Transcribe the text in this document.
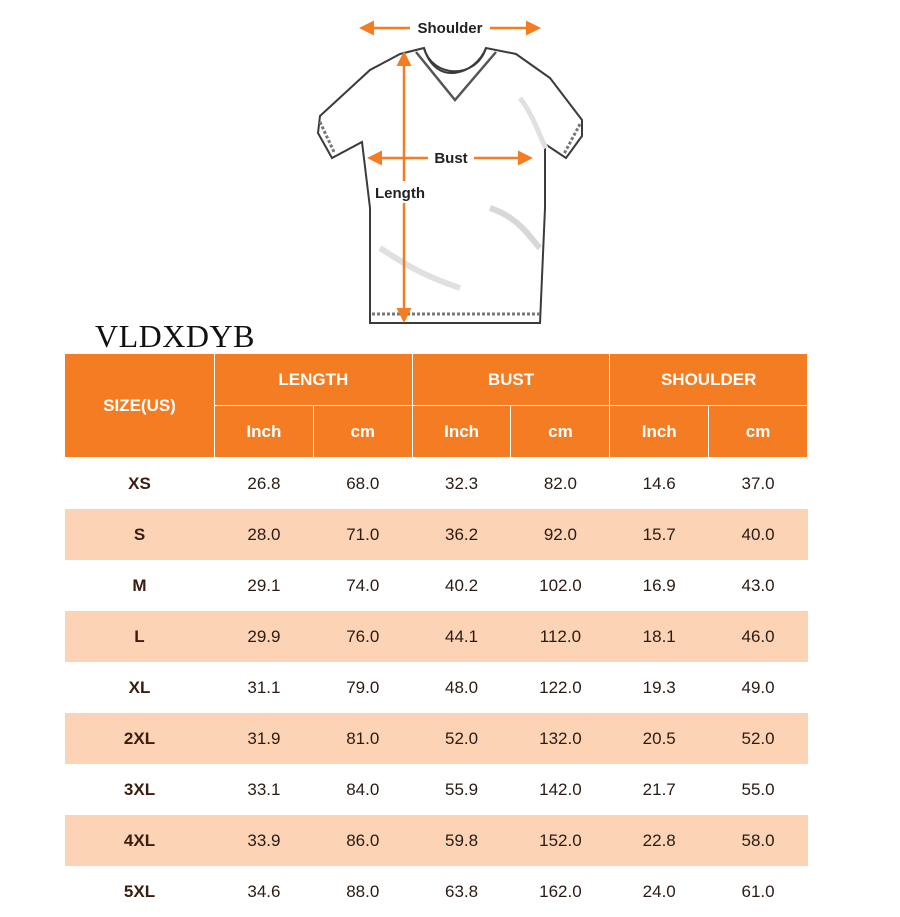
Shoulder
Bust
Length
VLDXDYB
SIZE(US)	LENGTH		BUST		SHOULDER	
	Inch	cm	Inch	cm	Inch	cm
XS	26.8	68.0	32.3	82.0	14.6	37.0
S	28.0	71.0	36.2	92.0	15.7	40.0
M	29.1	74.0	40.2	102.0	16.9	43.0
L	29.9	76.0	44.1	112.0	18.1	46.0
XL	31.1	79.0	48.0	122.0	19.3	49.0
2XL	31.9	81.0	52.0	132.0	20.5	52.0
3XL	33.1	84.0	55.9	142.0	21.7	55.0
4XL	33.9	86.0	59.8	152.0	22.8	58.0
5XL	34.6	88.0	63.8	162.0	24.0	61.0
